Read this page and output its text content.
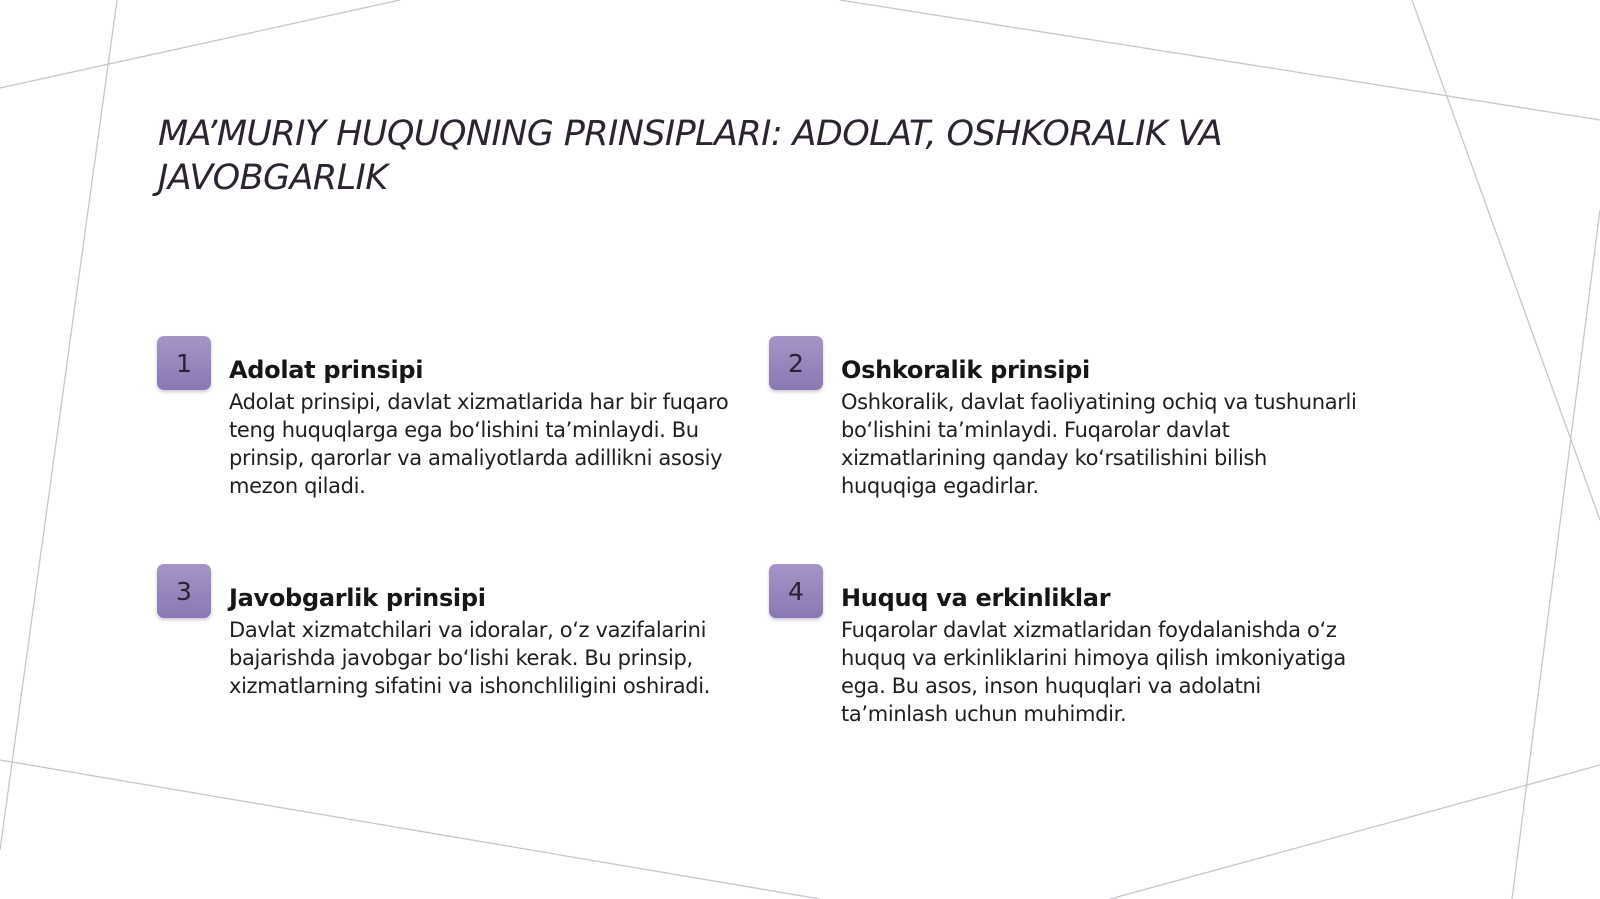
MA’MURIY HUQUQNING PRINSIPLARI: ADOLAT, OSHKORALIK VA JAVOBGARLIK
1	Adolat prinsipi

Adolat prinsipi, davlat xizmatlarida har bir fuqaro teng huquqlarga ega bo‘lishini ta’minlaydi. Bu prinsip, qarorlar va amaliyotlarda adillikni asosiy mezon qiladi.

2	Oshkoralik prinsipi

Oshkoralik, davlat faoliyatining ochiq va tushunarli bo‘lishini ta’minlaydi. Fuqarolar davlat xizmatlarining qanday ko‘rsatilishini bilish huquqiga egadirlar.

3	Javobgarlik prinsipi

Davlat xizmatchilari va idoralar, o‘z vazifalarini bajarishda javobgar bo‘lishi kerak. Bu prinsip, xizmatlarning sifatini va ishonchliligini oshiradi.

4	Huquq va erkinliklar

Fuqarolar davlat xizmatlaridan foydalanishda o‘z huquq va erkinliklarini himoya qilish imkoniyatiga ega. Bu asos, inson huquqlari va adolatni ta’minlash uchun muhimdir.
